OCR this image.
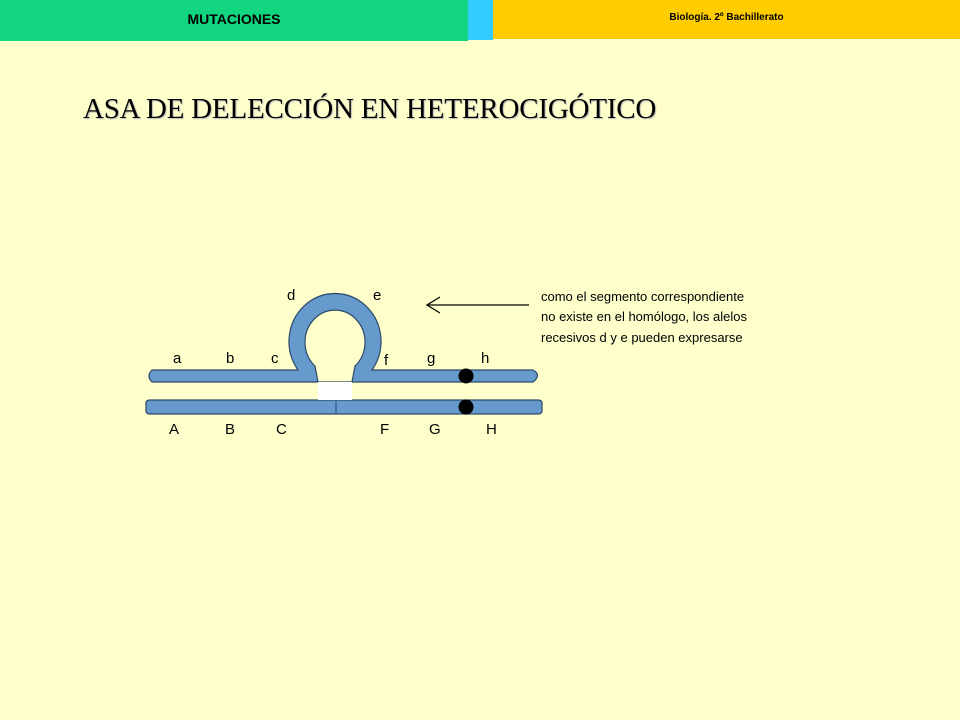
MUTACIONES	Biología. 2º Bachillerato
ASA DE DELECCIÓN EN HETEROCIGÓTICO
a	b c
d	e
f	g	h
A	B	C	F	G	H
como el segmento correspondiente
no existe en el homólogo, los alelos
recesivos d y e pueden expresarse
